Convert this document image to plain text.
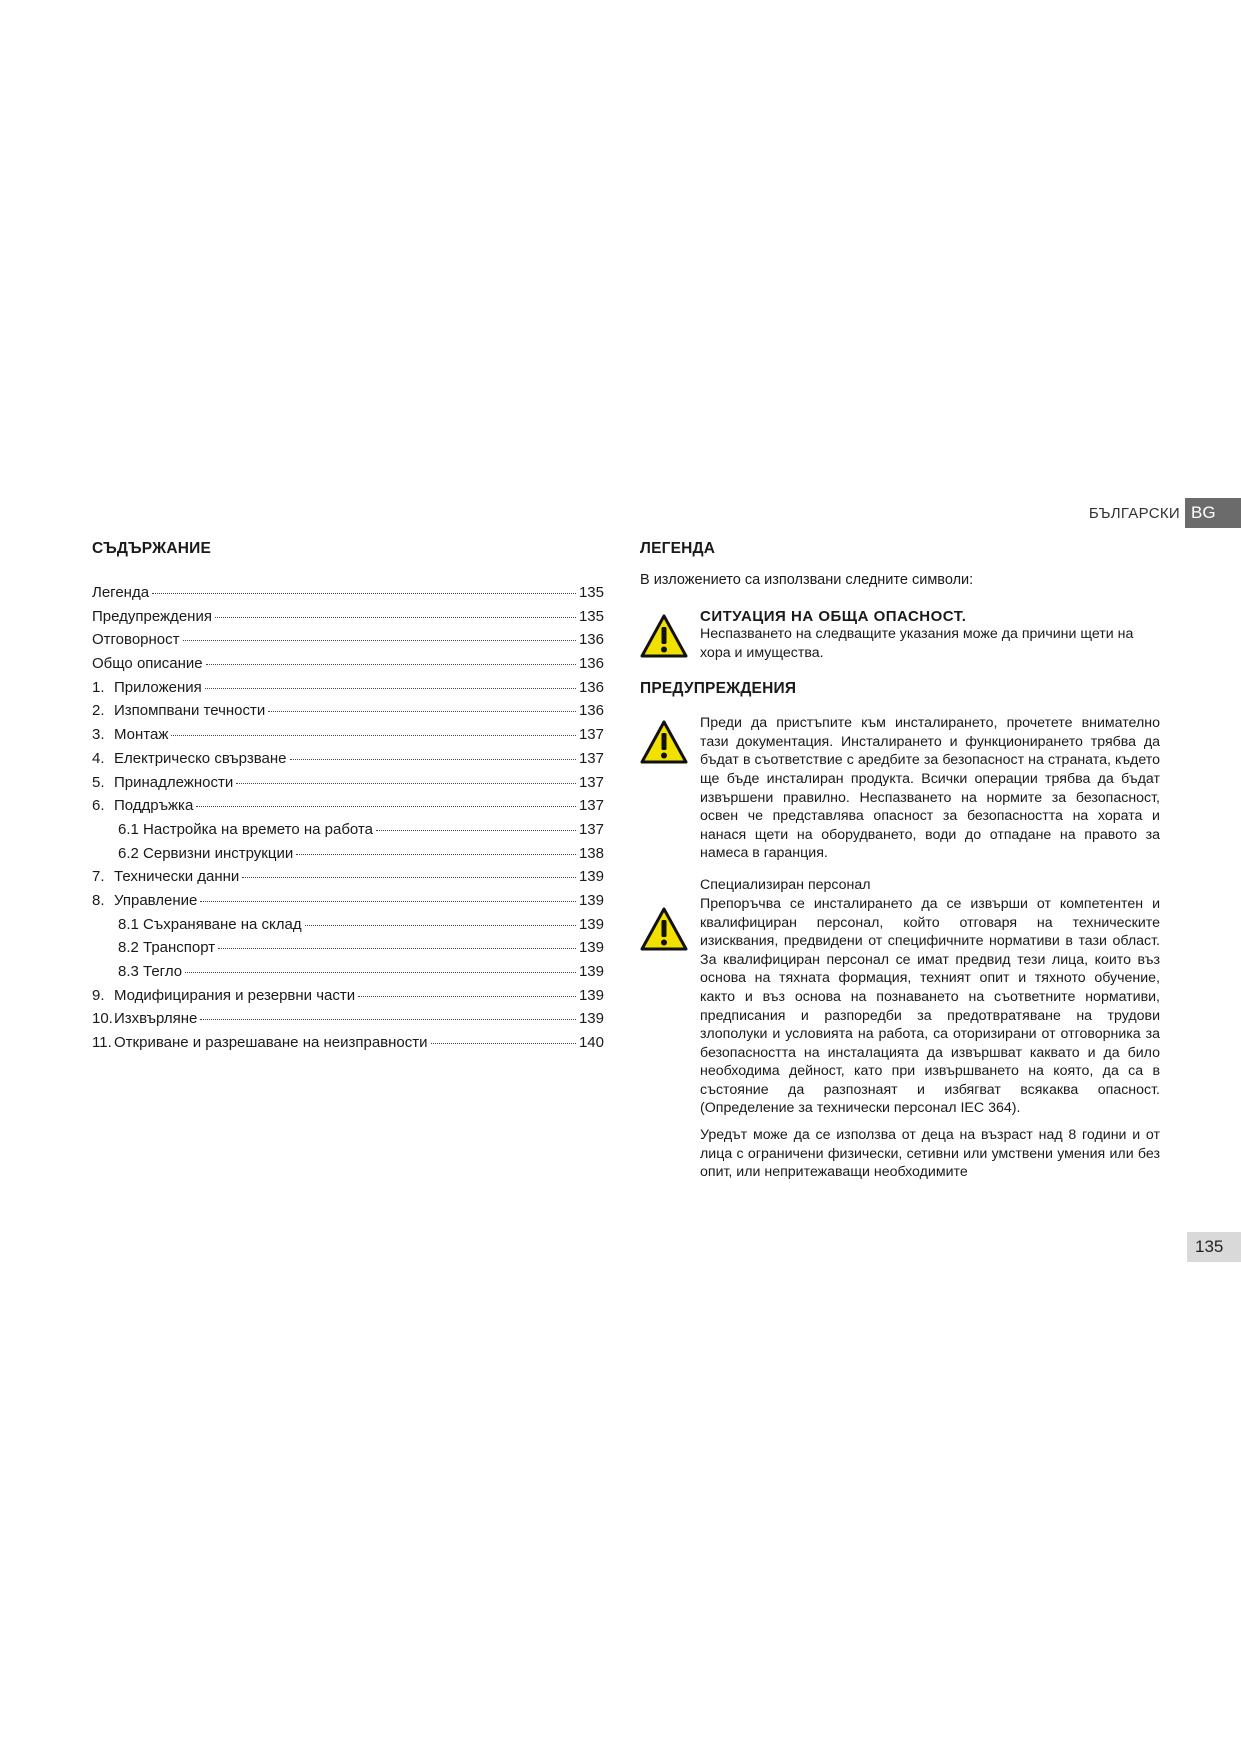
БЪЛГАРСКИ BG
СЪДЪРЖАНИЕ
Легенда	135
Предупреждения	135
Отговорност	136
Общо описание	136
1. Приложения	136
2. Изпомпвани течности	136
3. Монтаж	137
4. Електрическо свързване	137
5. Принадлежности	137
6. Поддръжка	137
6.1 Настройка на времето на работа	137
6.2 Сервизни инструкции	138
7. Технически данни	139
8. Управление	139
8.1 Съхраняване на склад	139
8.2 Транспорт	139
8.3 Тегло	139
9. Модифицирания и резервни части	139
10.Изхвърляне	139
11. Откриване и разрешаване на неизправности	140
ЛЕГЕНДА
В изложението са използвани следните символи:
СИТУАЦИЯ НА ОБЩА ОПАСНОСТ.
Неспазването на следващите указания може да причини щети на хора и имущества.
ПРЕДУПРЕЖДЕНИЯ
Преди да пристъпите към инсталирането, прочетете внимателно тази документация. Инсталирането и функционирането трябва да бъдат в съответствие с аредбите за безопасност на страната, където ще бъде инсталиран продукта. Всички операции трябва да бъдат извършени правилно. Неспазването на нормите за безопасност, освен че представлява опасност за безопасността на хората и нанася щети на оборудването, води до отпадане на правото за намеса в гаранция.
Специализиран персонал
Препоръчва се инсталирането да се извърши от компетентен и квалифициран персонал, който отговаря на техническите изисквания, предвидени от специфичните нормативи в тази област. За квалифициран персонал се имат предвид тези лица, които въз основа на тяхната формация, техният опит и тяхното обучение, както и въз основа на познаването на съответните нормативи, предписания и разпоредби за предотвратяване на трудови злополуки и условията на работа, са оторизирани от отговорника за безопасността на инсталацията да извършват каквато и да било необходима дейност, като при извършването на която, да са в състояние да разпознаят и избягват всякаква опасност. (Определение за технически персонал IEC 364).
Уредът може да се използва от деца на възраст над 8 години и от лица с ограничени физически, сетивни или умствени умения или без опит, или непритежаващи необходимите
135
